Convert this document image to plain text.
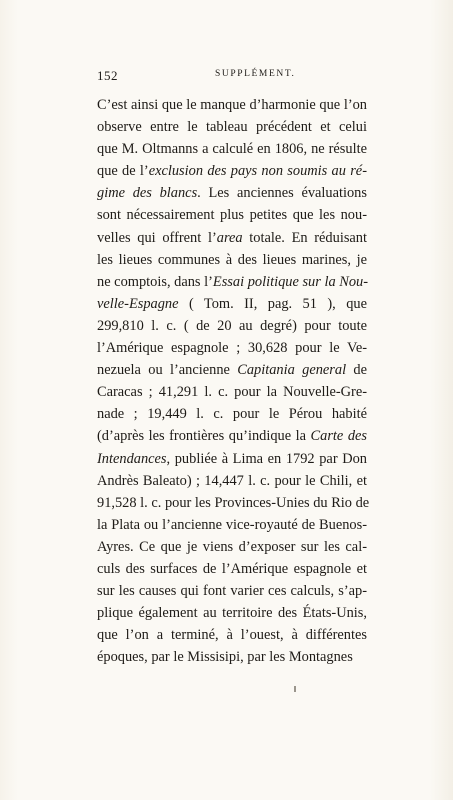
152	SUPPLÉMENT.
C’est ainsi que le manque d’harmonie que l’on
observe entre le tableau précédent et celui
que M. Oltmanns a calculé en 1806, ne résulte
que de l’exclusion des pays non soumis au ré-
gime des blancs. Les anciennes évaluations
sont nécessairement plus petites que les nou-
velles qui offrent l’area totale. En réduisant
les lieues communes à des lieues marines, je
ne comptois, dans l’Essai politique sur la Nou-
velle-Espagne ( Tom. II, pag. 51 ), que
299,810 l. c. ( de 20 au degré) pour toute
l’Amérique espagnole ; 30,628 pour le Ve-
nezuela ou l’ancienne Capitania general de
Caracas ; 41,291 l. c. pour la Nouvelle-Gre-
nade ; 19,449 l. c. pour le Pérou habité
(d’après les frontières qu’indique la Carte des
Intendances, publiée à Lima en 1792 par Don
Andrès Baleato) ; 14,447 l. c. pour le Chili, et
91,528 l. c. pour les Provinces-Unies du Rio de
la Plata ou l’ancienne vice-royauté de Buenos-
Ayres. Ce que je viens d’exposer sur les cal-
culs des surfaces de l’Amérique espagnole et
sur les causes qui font varier ces calculs, s’ap-
plique également au territoire des États-Unis,
que l’on a terminé, à l’ouest, à différentes
époques, par le Missisipi, par les Montagnes
